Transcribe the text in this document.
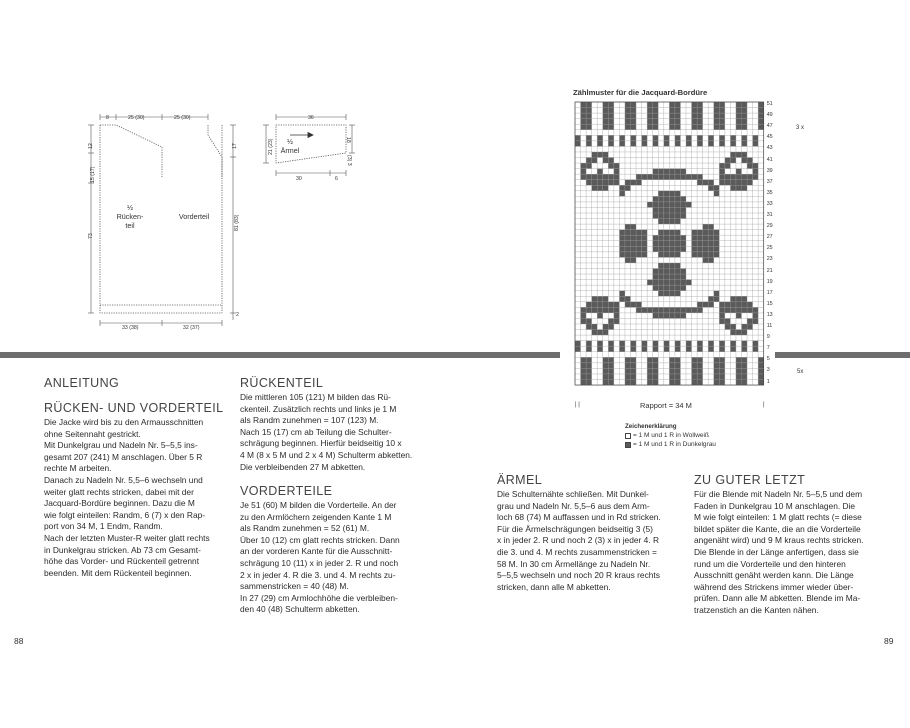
8	25 (30)	25 (30)
12
15 (17)
73
17
81 (83)
2
33 (38)	32 (37)
36
21 (23)	18
(3) 3
30	6
½
Rücken-
teil
Vorderteil
½
Ärmel
Zählmuster für die Jacquard-Bordüre
51
49
47
45
43
41
39
37
35
33
31
29
27
25
23
21
19
17
15
13
11
9
7
5
3
1
3 x
5x
| |	|
Rapport = 34 M
Zeichenerklärung
= 1 M und 1 R in Wollweiß
= 1 M und 1 R in Dunkelgrau
ANLEITUNG
RÜCKEN- UND VORDERTEIL

Die Jacke wird bis zu den Armausschnitten

ohne Seitennaht gestrickt.

Mit Dunkelgrau und Nadeln Nr. 5–5,5 ins-

gesamt 207 (241) M anschlagen. Über 5 R

rechte M arbeiten.

Danach zu Nadeln Nr. 5,5–6 wechseln und

weiter glatt rechts stricken, dabei mit der

Jacquard-Bordüre beginnen. Dazu die M

wie folgt einteilen: Randm, 6 (7) x den Rap-

port von 34 M, 1 Endm, Randm.

Nach der letzten Muster-R weiter glatt rechts

in Dunkelgrau stricken. Ab 73 cm Gesamt-

höhe das Vorder- und Rückenteil getrennt

beenden. Mit dem Rückenteil beginnen.

RÜCKENTEIL

Die mittleren 105 (121) M bilden das Rü-

ckenteil. Zusätzlich rechts und links je 1 M

als Randm zunehmen = 107 (123) M.

Nach 15 (17) cm ab Teilung die Schulter-

schrägung beginnen. Hierfür beidseitig 10 x

4 M (8 x 5 M und 2 x 4 M) Schulterm abketten.

Die verbleibenden 27 M abketten.

VORDERTEILE

Je 51 (60) M bilden die Vorderteile. An der

zu den Armlöchern zeigenden Kante 1 M

als Randm zunehmen = 52 (61) M.

Über 10 (12) cm glatt rechts stricken. Dann

an der vorderen Kante für die Ausschnitt-

schrägung 10 (11) x in jeder 2. R und noch

2 x in jeder 4. R die 3. und 4. M rechts zu-

sammenstricken = 40 (48) M.

In 27 (29) cm Armlochhöhe die verbleiben-

den 40 (48) Schulterm abketten.

ÄRMEL

Die Schulternähte schließen. Mit Dunkel-

grau und Nadeln Nr. 5,5–6 aus dem Arm-

loch 68 (74) M auffassen und in Rd stricken.

Für die Ärmelschrägungen beidseitig 3 (5)

x in jeder 2. R und noch 2 (3) x in jeder 4. R

die 3. und 4. M rechts zusammenstricken =

58 M. In 30 cm Ärmellänge zu Nadeln Nr.

5–5,5 wechseln und noch 20 R kraus rechts

stricken, dann alle M abketten.

ZU GUTER LETZT

Für die Blende mit Nadeln Nr. 5–5,5 und dem

Faden in Dunkelgrau 10 M anschlagen. Die

M wie folgt einteilen: 1 M glatt rechts (= diese

bildet später die Kante, die an die Vorderteile

angenäht wird) und 9 M kraus rechts stricken.

Die Blende in der Länge anfertigen, dass sie

rund um die Vorderteile und den hinteren

Ausschnitt genäht werden kann. Die Länge

während des Strickens immer wieder über-

prüfen. Dann alle M abketten. Blende im Ma-

tratzenstich an die Kanten nähen.

88	89
